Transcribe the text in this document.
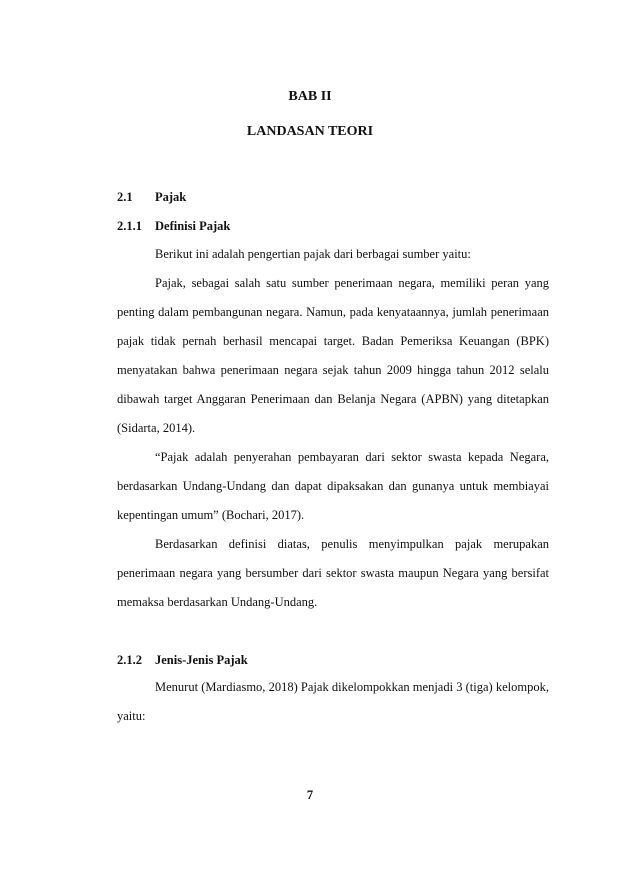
BAB II
LANDASAN TEORI
2.1 Pajak
2.1.1 Definisi Pajak

Berikut ini adalah pengertian pajak dari berbagai sumber yaitu:

Pajak, sebagai salah satu sumber penerimaan negara, memiliki peran yang penting dalam pembangunan negara. Namun, pada kenyataannya, jumlah penerimaan pajak tidak pernah berhasil mencapai target. Badan Pemeriksa Keuangan (BPK) menyatakan bahwa penerimaan negara sejak tahun 2009 hingga tahun 2012 selalu dibawah target Anggaran Penerimaan dan Belanja Negara (APBN) yang ditetapkan (Sidarta, 2014).

“Pajak adalah penyerahan pembayaran dari sektor swasta kepada Negara, berdasarkan Undang-Undang dan dapat dipaksakan dan gunanya untuk membiayai kepentingan umum” (Bochari, 2017).

Berdasarkan definisi diatas, penulis menyimpulkan pajak merupakan penerimaan negara yang bersumber dari sektor swasta maupun Negara yang bersifat memaksa berdasarkan Undang-Undang.

2.1.2 Jenis-Jenis Pajak

Menurut (Mardiasmo, 2018) Pajak dikelompokkan menjadi 3 (tiga) kelompok, yaitu:

7
